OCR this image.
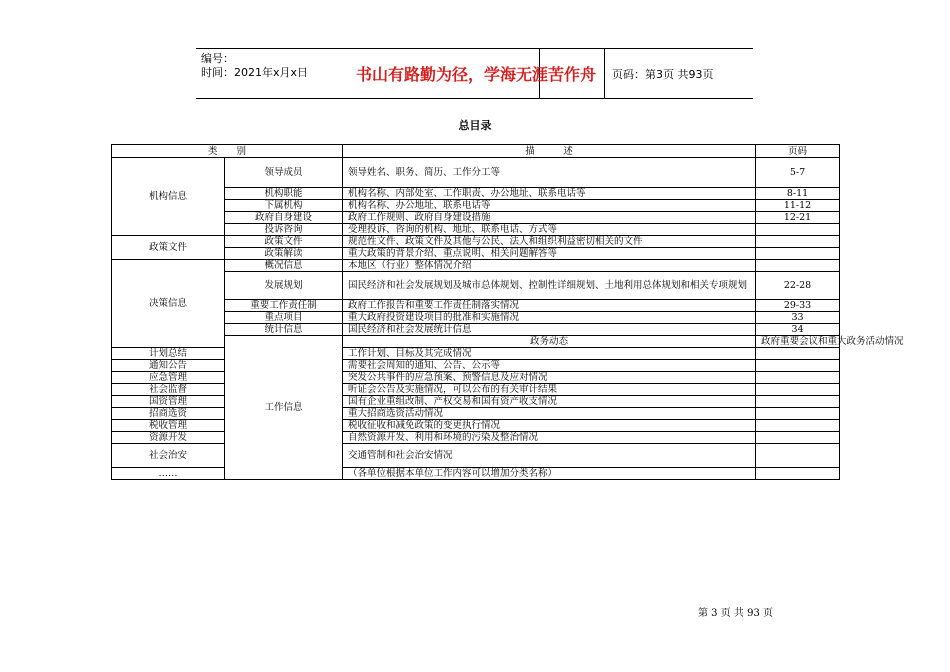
编号：
时间：2021年x月x日	书山有路勤为径，学海无涯苦作舟	页码：第3页 共93页
总目录
类　　别		描　　　述	页码	
机构信息	领导成员	领导姓名、职务、简历、工作分工等	5-7	
	机构职能	机构名称、内部处室、工作职责、办公地址、联系电话等	8-11	
	下属机构	机构名称、办公地址、联系电话等	11-12	
	政府自身建设	政府工作规则、政府自身建设措施	12-21	
	投诉咨询	受理投诉、咨询的机构、地址、联系电话、方式等		
政策文件	政策文件	规范性文件、政策文件及其他与公民、法人和组织利益密切相关的文件		
	政策解读	重大政策的背景介绍、重点说明、相关问题解答等		
决策信息	概况信息	本地区（行业）整体情况介绍		
	发展规划	国民经济和社会发展规划及城市总体规划、控制性详细规划、土地利用总体规划和相关专项规划	22-28	
	重要工作责任制	政府工作报告和重要工作责任制落实情况	29-33	
	重点项目	重大政府投资建设项目的批准和实施情况	33	
	统计信息	国民经济和社会发展统计信息	34	
	工作信息	政务动态	政府重要会议和重大政务活动情况	
计划总结		工作计划、目标及其完成情况		
通知公告		需要社会周知的通知、公告、公示等		
应急管理		突发公共事件的应急预案、预警信息及应对情况		
社会监督		听证会公告及实施情况，可以公布的有关审计结果		
国资管理		国有企业重组改制、产权交易和国有资产收支情况		
招商选资		重大招商选资活动情况		
税收管理		税收征收和减免政策的变更执行情况		
资源开发		自然资源开发、利用和环境的污染及整治情况		
社会治安		交通管制和社会治安情况		
……		（各单位根据本单位工作内容可以增加分类名称）		
第 3 页 共 93 页
